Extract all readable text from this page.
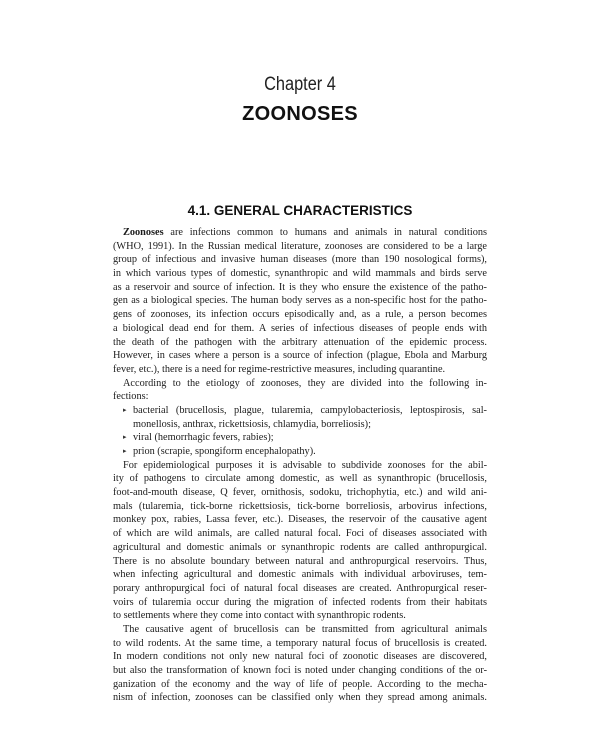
Chapter 4
ZOONOSES
4.1. GENERAL CHARACTERISTICS
Zoonoses are infections common to humans and animals in natural conditions
(WHO, 1991). In the Russian medical literature, zoonoses are considered to be a large
group of infectious and invasive human diseases (more than 190 nosological forms),
in which various types of domestic, synanthropic and wild mammals and birds serve
as a reservoir and source of infection. It is they who ensure the existence of the patho-
gen as a biological species. The human body serves as a non-specific host for the patho-
gens of zoonoses, its infection occurs episodically and, as a rule, a person becomes
a biological dead end for them. A series of infectious diseases of people ends with
the death of the pathogen with the arbitrary attenuation of the epidemic process.
However, in cases where a person is a source of infection (plague, Ebola and Marburg
fever, etc.), there is a need for regime-restrictive measures, including quarantine.
According to the etiology of zoonoses, they are divided into the following in-
fections:
▸ bacterial (brucellosis, plague, tularemia, campylobacteriosis, leptospirosis, sal-
monellosis, anthrax, rickettsiosis, chlamydia, borreliosis);
▸ viral (hemorrhagic fevers, rabies);
▸ prion (scrapie, spongiform encephalopathy).
For epidemiological purposes it is advisable to subdivide zoonoses for the abil-
ity of pathogens to circulate among domestic, as well as synanthropic (brucellosis,
foot-and-mouth disease, Q fever, ornithosis, sodoku, trichophytia, etc.) and wild ani-
mals (tularemia, tick-borne rickettsiosis, tick-borne borreliosis, arbovirus infections,
monkey pox, rabies, Lassa fever, etc.). Diseases, the reservoir of the causative agent
of which are wild animals, are called natural focal. Foci of diseases associated with
agricultural and domestic animals or synanthropic rodents are called anthropurgical.
There is no absolute boundary between natural and anthropurgical reservoirs. Thus,
when infecting agricultural and domestic animals with individual arboviruses, tem-
porary anthropurgical foci of natural focal diseases are created. Anthropurgical reser-
voirs of tularemia occur during the migration of infected rodents from their habitats
to settlements where they come into contact with synanthropic rodents.
The causative agent of brucellosis can be transmitted from agricultural animals
to wild rodents. At the same time, a temporary natural focus of brucellosis is created.
In modern conditions not only new natural foci of zoonotic diseases are discovered,
but also the transformation of known foci is noted under changing conditions of the or-
ganization of the economy and the way of life of people. According to the mecha-
nism of infection, zoonoses can be classified only when they spread among animals.
